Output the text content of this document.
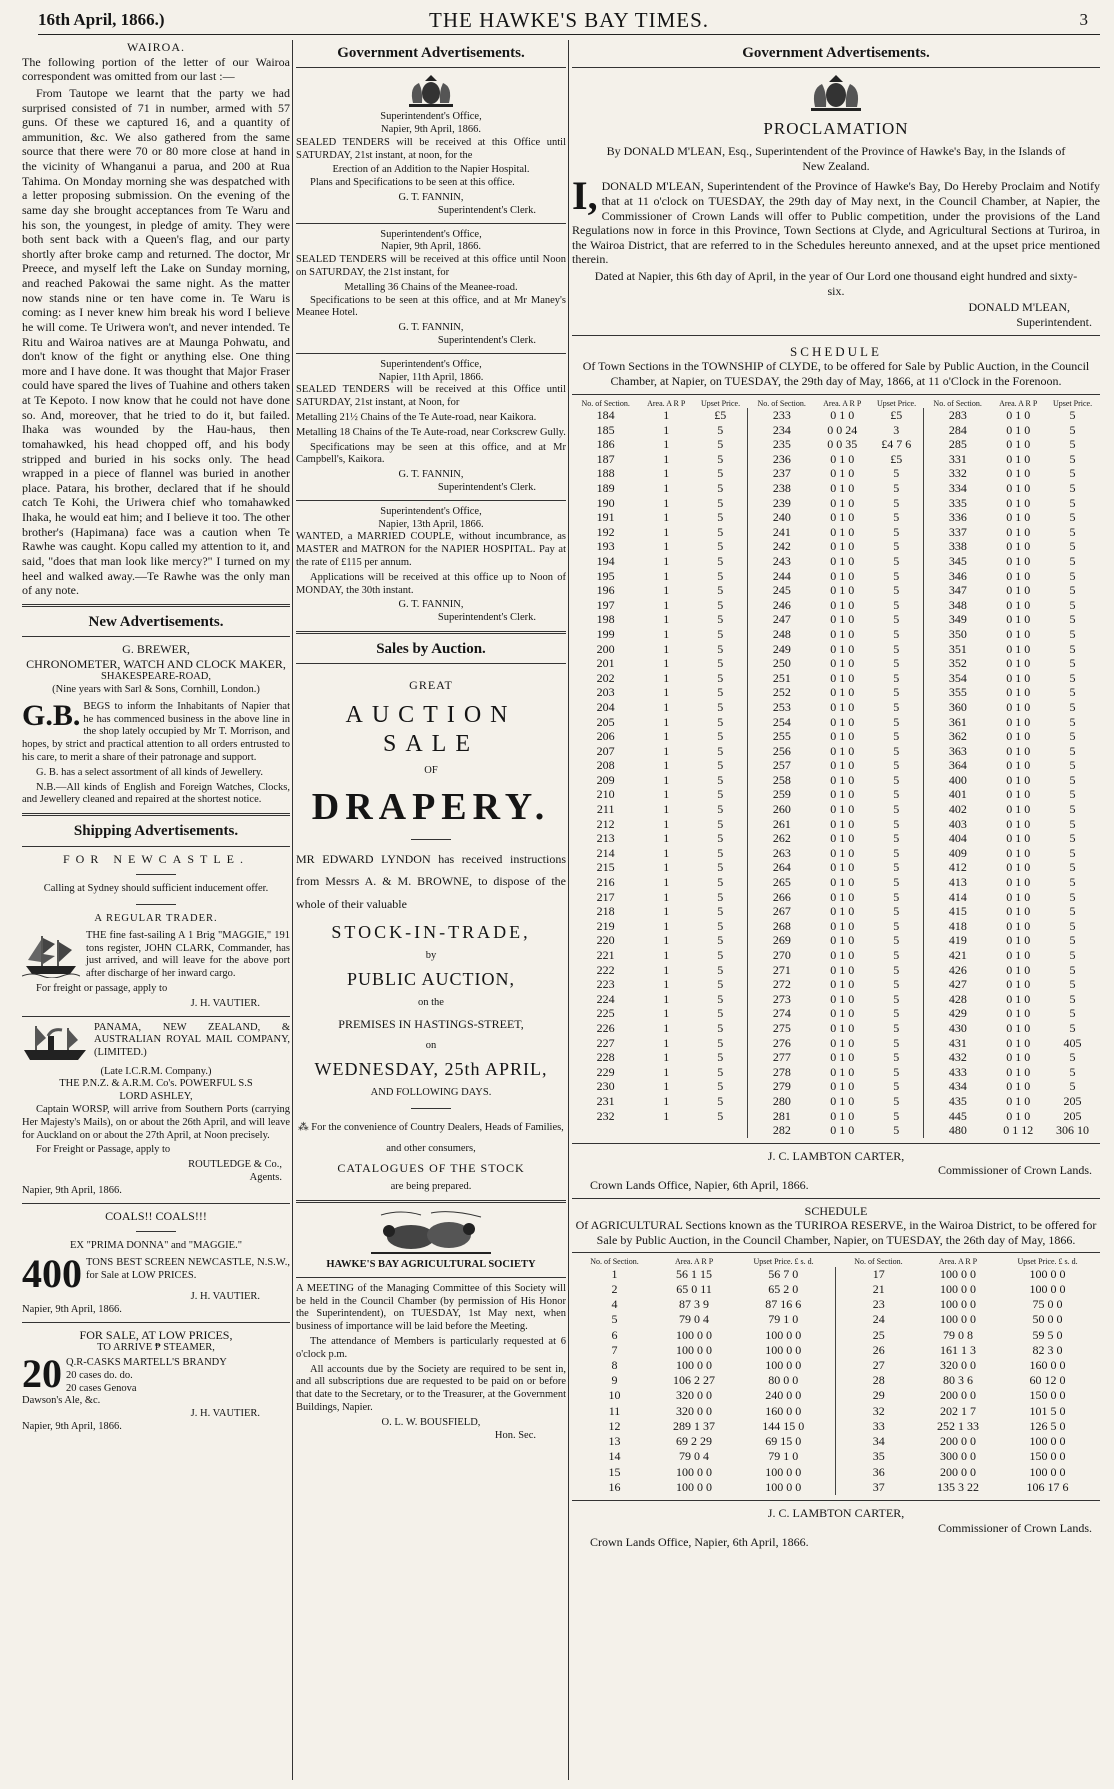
16th April, 1866.)	THE HAWKE'S BAY TIMES.	3
WAIROA.

The following portion of the letter of our Wairoa correspondent was omitted from our last :—

From Tautope we learnt that the party we had surprised consisted of 71 in number, armed with 57 guns. Of these we captured 16, and a quantity of ammunition, &c. We also gathered from the same source that there were 70 or 80 more close at hand in the vicinity of Whanganui a parua, and 200 at Rua Tahima. On Monday morning she was despatched with a letter proposing submission. On the evening of the same day she brought acceptances from Te Waru and his son, the youngest, in pledge of amity. They were both sent back with a Queen's flag, and our party shortly after broke camp and returned. The doctor, Mr Preece, and myself left the Lake on Sunday morning, and reached Pakowai the same night. As the matter now stands nine or ten have come in. Te Waru is coming: as I never knew him break his word I believe he will come. Te Uriwera won't, and never intended. Te Ritu and Wairoa natives are at Maunga Pohwatu, and don't know of the fight or anything else. One thing more and I have done. It was thought that Major Fraser could have spared the lives of Tuahine and others taken at Te Kepoto. I now know that he could not have done so. And, moreover, that he tried to do it, but failed. Ihaka was wounded by the Hau-haus, then tomahawked, his head chopped off, and his body stripped and buried in his socks only. The head wrapped in a piece of flannel was buried in another place. Patara, his brother, declared that if he should catch Te Kohi, the Uriwera chief who tomahawked Ihaka, he would eat him; and I believe it too. The other brother's (Hapimana) face was a caution when Te Rawhe was caught. Kopu called my attention to it, and said, "does that man look like mercy?" I turned on my heel and walked away.—Te Rawhe was the only man of any note.

New Advertisements.
G. BREWER,
CHRONOMETER, WATCH AND CLOCK MAKER,
SHAKESPEARE-ROAD,
(Nine years with Sarl & Sons, Cornhill, London.)

G.B. BEGS to inform the Inhabitants of Napier that he has commenced business in the above line in the shop lately occupied by Mr T. Morrison, and hopes, by strict and practical attention to all orders entrusted to his care, to merit a share of their patronage and support.

G. B. has a select assortment of all kinds of Jewellery.

N.B.—All kinds of English and Foreign Watches, Clocks, and Jewellery cleaned and repaired at the shortest notice.

Shipping Advertisements.
FOR NEWCASTLE.
Calling at Sydney should sufficient inducement offer.
A REGULAR TRADER.

THE fine fast-sailing A 1 Brig "MAGGIE," 191 tons register, JOHN CLARK, Commander, has just arrived, and will leave for the above port after discharge of her inward cargo.

For freight or passage, apply to

J. H. VAUTIER.

PANAMA, NEW ZEALAND, & AUSTRALIAN ROYAL MAIL COMPANY, (LIMITED.)

(Late I.C.R.M. Company.)
THE P.N.Z. & A.R.M. Co's. POWERFUL S.S
LORD ASHLEY,

Captain WORSP, will arrive from Southern Ports (carrying Her Majesty's Mails), on or about the 26th April, and will leave for Auckland on or about the 27th April, at Noon precisely.

For Freight or Passage, apply to

ROUTLEDGE & Co.,
Agents.
Napier, 9th April, 1866.
COALS!! COALS!!!
EX "PRIMA DONNA" and "MAGGIE."

400 TONS BEST SCREEN NEWCASTLE, N.S.W., for Sale at LOW PRICES.

J. H. VAUTIER.
Napier, 9th April, 1866.
FOR SALE, AT LOW PRICES,
TO ARRIVE ₱ STEAMER,
20 Q.R-CASKS MARTELL'S BRANDY
20 cases do. do.
20 cases Genova
Dawson's Ale, &c.
J. H. VAUTIER.
Napier, 9th April, 1866.
Government Advertisements.
Superintendent's Office,
Napier, 9th April, 1866.

SEALED TENDERS will be received at this Office until SATURDAY, 21st instant, at noon, for the

Erection of an Addition to the Napier Hospital.

Plans and Specifications to be seen at this office.

G. T. FANNIN,
Superintendent's Clerk.
Superintendent's Office,
Napier, 9th April, 1866.

SEALED TENDERS will be received at this office until Noon on SATURDAY, the 21st instant, for

Metalling 36 Chains of the Meanee-road.

Specifications to be seen at this office, and at Mr Maney's Meanee Hotel.

G. T. FANNIN,
Superintendent's Clerk.
Superintendent's Office,
Napier, 11th April, 1866.

SEALED TENDERS will be received at this Office until SATURDAY, 21st instant, at Noon, for

Metalling 21½ Chains of the Te Aute-road, near Kaikora.

Metalling 18 Chains of the Te Aute-road, near Corkscrew Gully.

Specifications may be seen at this office, and at Mr Campbell's, Kaikora.

G. T. FANNIN,
Superintendent's Clerk.
Superintendent's Office,
Napier, 13th April, 1866.

WANTED, a MARRIED COUPLE, without incumbrance, as MASTER and MATRON for the NAPIER HOSPITAL. Pay at the rate of £115 per annum.

Applications will be received at this office up to Noon of MONDAY, the 30th instant.

G. T. FANNIN,
Superintendent's Clerk.
Sales by Auction.
GREAT
AUCTION SALE
OF
DRAPERY.

MR EDWARD LYNDON has received instructions from Messrs A. & M. BROWNE, to dispose of the whole of their valuable

STOCK-IN-TRADE,
by
PUBLIC AUCTION,
on the
PREMISES IN HASTINGS-STREET,
on
WEDNESDAY, 25th APRIL,
AND FOLLOWING DAYS.

⁂ For the convenience of Country Dealers, Heads of Families, and other consumers,

CATALOGUES OF THE STOCK
are being prepared.
HAWKE'S BAY AGRICULTURAL SOCIETY

A MEETING of the Managing Committee of this Society will be held in the Council Chamber (by permission of His Honor the Superintendent), on TUESDAY, 1st May next, when business of importance will be laid before the Meeting.

The attendance of Members is particularly requested at 6 o'clock p.m.

All accounts due by the Society are required to be sent in, and all subscriptions due are requested to be paid on or before that date to the Secretary, or to the Treasurer, at the Government Buildings, Napier.

O. L. W. BOUSFIELD,
Hon. Sec.
Government Advertisements.
PROCLAMATION

By DONALD M'LEAN, Esq., Superintendent of the Province of Hawke's Bay, in the Islands of New Zealand.

I, DONALD M'LEAN, Superintendent of the Province of Hawke's Bay, Do Hereby Proclaim and Notify that at 11 o'clock on TUESDAY, the 29th day of May next, in the Council Chamber, at Napier, the Commissioner of Crown Lands will offer to Public competition, under the provisions of the Land Regulations now in force in this Province, Town Sections at Clyde, and Agricultural Sections at Turiroa, in the Wairoa District, that are referred to in the Schedules hereunto annexed, and at the upset price mentioned therein.

Dated at Napier, this 6th day of April, in the year of Our Lord one thousand eight hundred and sixty-six.

DONALD M'LEAN,
Superintendent.
SCHEDULE

Of Town Sections in the TOWNSHIP of CLYDE, to be offered for Sale by Public Auction, in the Council Chamber, at Napier, on TUESDAY, the 29th day of May, 1866, at 11 o'Clock in the Forenoon.

No. of Section.	Area. A R P	Upset Price.	No. of Section.	Area. A R P	Upset Price.	No. of Section.	Area. A R P	Upset Price.
184	1	£5	233	0 1 0	£5	283	0 1 0	5
185	1	5	234	0 0 24	3	284	0 1 0	5
186	1	5	235	0 0 35	£4 7 6	285	0 1 0	5
187	1	5	236	0 1 0	£5	331	0 1 0	5
188	1	5	237	0 1 0	5	332	0 1 0	5
189	1	5	238	0 1 0	5	334	0 1 0	5
190	1	5	239	0 1 0	5	335	0 1 0	5
191	1	5	240	0 1 0	5	336	0 1 0	5
192	1	5	241	0 1 0	5	337	0 1 0	5
193	1	5	242	0 1 0	5	338	0 1 0	5
194	1	5	243	0 1 0	5	345	0 1 0	5
195	1	5	244	0 1 0	5	346	0 1 0	5
196	1	5	245	0 1 0	5	347	0 1 0	5
197	1	5	246	0 1 0	5	348	0 1 0	5
198	1	5	247	0 1 0	5	349	0 1 0	5
199	1	5	248	0 1 0	5	350	0 1 0	5
200	1	5	249	0 1 0	5	351	0 1 0	5
201	1	5	250	0 1 0	5	352	0 1 0	5
202	1	5	251	0 1 0	5	354	0 1 0	5
203	1	5	252	0 1 0	5	355	0 1 0	5
204	1	5	253	0 1 0	5	360	0 1 0	5
205	1	5	254	0 1 0	5	361	0 1 0	5
206	1	5	255	0 1 0	5	362	0 1 0	5
207	1	5	256	0 1 0	5	363	0 1 0	5
208	1	5	257	0 1 0	5	364	0 1 0	5
209	1	5	258	0 1 0	5	400	0 1 0	5
210	1	5	259	0 1 0	5	401	0 1 0	5
211	1	5	260	0 1 0	5	402	0 1 0	5
212	1	5	261	0 1 0	5	403	0 1 0	5
213	1	5	262	0 1 0	5	404	0 1 0	5
214	1	5	263	0 1 0	5	409	0 1 0	5
215	1	5	264	0 1 0	5	412	0 1 0	5
216	1	5	265	0 1 0	5	413	0 1 0	5
217	1	5	266	0 1 0	5	414	0 1 0	5
218	1	5	267	0 1 0	5	415	0 1 0	5
219	1	5	268	0 1 0	5	418	0 1 0	5
220	1	5	269	0 1 0	5	419	0 1 0	5
221	1	5	270	0 1 0	5	421	0 1 0	5
222	1	5	271	0 1 0	5	426	0 1 0	5
223	1	5	272	0 1 0	5	427	0 1 0	5
224	1	5	273	0 1 0	5	428	0 1 0	5
225	1	5	274	0 1 0	5	429	0 1 0	5
226	1	5	275	0 1 0	5	430	0 1 0	5
227	1	5	276	0 1 0	5	431	0 1 0	405
228	1	5	277	0 1 0	5	432	0 1 0	5
229	1	5	278	0 1 0	5	433	0 1 0	5
230	1	5	279	0 1 0	5	434	0 1 0	5
231	1	5	280	0 1 0	5	435	0 1 0	205
232	1	5	281	0 1 0	5	445	0 1 0	205
			282	0 1 0	5	480	0 1 12	306 10
J. C. LAMBTON CARTER,
Commissioner of Crown Lands.
Crown Lands Office, Napier, 6th April, 1866.
SCHEDULE

Of AGRICULTURAL Sections known as the TURIROA RESERVE, in the Wairoa District, to be offered for Sale by Public Auction, in the Council Chamber, Napier, on TUESDAY, the 26th day of May, 1866.

No. of Section.	Area. A R P	Upset Price. £ s. d.	No. of Section.	Area. A R P	Upset Price. £ s. d.
1	56 1 15	56 7 0	17	100 0 0	100 0 0
2	65 0 11	65 2 0	21	100 0 0	100 0 0
4	87 3 9	87 16 6	23	100 0 0	75 0 0
5	79 0 4	79 1 0	24	100 0 0	50 0 0
6	100 0 0	100 0 0	25	79 0 8	59 5 0
7	100 0 0	100 0 0	26	161 1 3	82 3 0
8	100 0 0	100 0 0	27	320 0 0	160 0 0
9	106 2 27	80 0 0	28	80 3 6	60 12 0
10	320 0 0	240 0 0	29	200 0 0	150 0 0
11	320 0 0	160 0 0	32	202 1 7	101 5 0
12	289 1 37	144 15 0	33	252 1 33	126 5 0
13	69 2 29	69 15 0	34	200 0 0	100 0 0
14	79 0 4	79 1 0	35	300 0 0	150 0 0
15	100 0 0	100 0 0	36	200 0 0	100 0 0
16	100 0 0	100 0 0	37	135 3 22	106 17 6
J. C. LAMBTON CARTER,
Commissioner of Crown Lands.
Crown Lands Office, Napier, 6th April, 1866.
